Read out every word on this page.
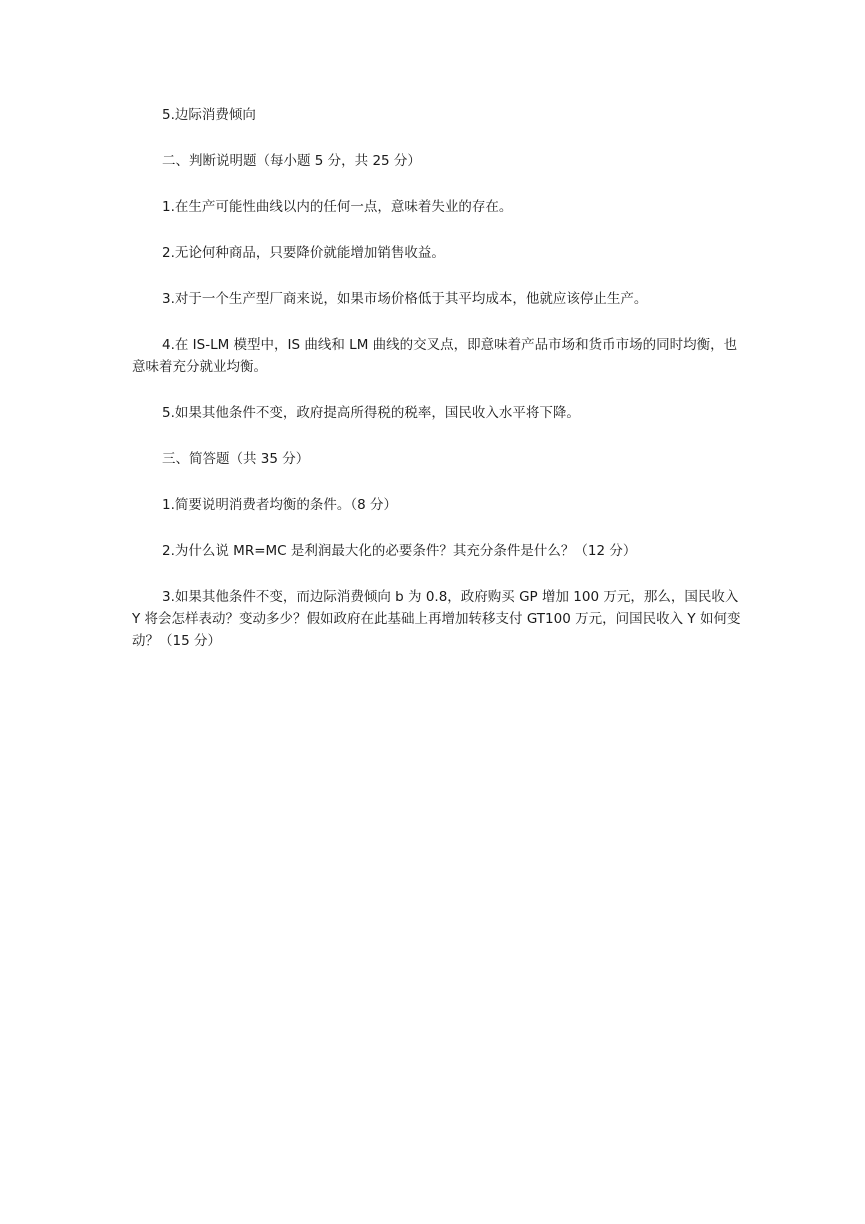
5.边际消费倾向

二、判断说明题（每小题 5 分，共 25 分）

1.在生产可能性曲线以内的任何一点，意味着失业的存在。

2.无论何种商品，只要降价就能增加销售收益。

3.对于一个生产型厂商来说，如果市场价格低于其平均成本，他就应该停止生产。

4.在 IS-LM 模型中，IS 曲线和 LM 曲线的交叉点，即意味着产品市场和货币市场的同时均衡，也意味着充分就业均衡。

5.如果其他条件不变，政府提高所得税的税率，国民收入水平将下降。

三、简答题（共 35 分）

1.简要说明消费者均衡的条件。（8 分）

2.为什么说 MR=MC 是利润最大化的必要条件？其充分条件是什么？（12 分）

3.如果其他条件不变，而边际消费倾向 b 为 0.8，政府购买 GP 增加 100 万元，那么，国民收入 Y 将会怎样表动？变动多少？假如政府在此基础上再增加转移支付 GT100 万元，问国民收入 Y 如何变动？（15 分）
